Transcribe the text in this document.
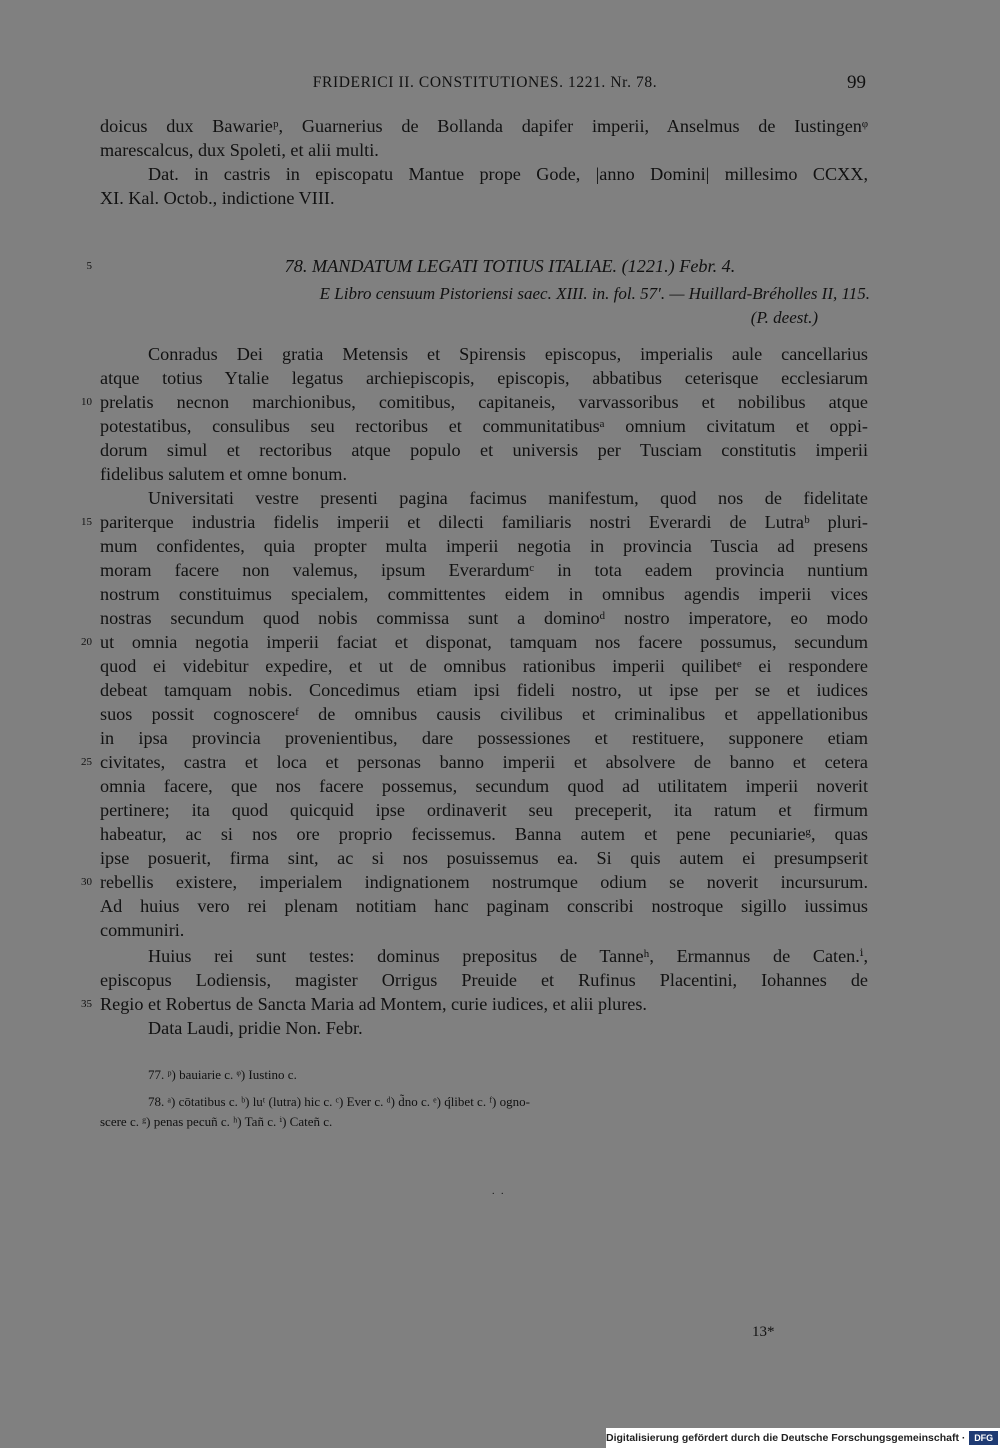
FRIDERICI II. CONSTITUTIONES. 1221. Nr. 78.	99
doicus dux Bawarieᵖ, Guarnerius de Bollanda dapifer imperii, Anselmus de Iustingenᵠ
marescalcus, dux Spoleti, et alii multi.
Dat. in castris in episcopatu Mantue prope Gode, |anno Domini| millesimo CCXX,
XI. Kal. Octob., indictione VIII.
5	78. MANDATUM LEGATI TOTIUS ITALIAE. (1221.) Febr. 4.
E Libro censuum Pistoriensi saec. XIII. in. fol. 57′. — Huillard-Bréholles II, 115.
(P. deest.)
Conradus Dei gratia Metensis et Spirensis episcopus, imperialis aule cancellarius
atque totius Ytalie legatus archiepiscopis, episcopis, abbatibus ceterisque ecclesiarum
10 prelatis necnon marchionibus, comitibus, capitaneis, varvassoribus et nobilibus atque
potestatibus, consulibus seu rectoribus et communitatibusᵃ omnium civitatum et oppi-
dorum simul et rectoribus atque populo et universis per Tusciam constitutis imperii
fidelibus salutem et omne bonum.
Universitati vestre presenti pagina facimus manifestum, quod nos de fidelitate
15 pariterque industria fidelis imperii et dilecti familiaris nostri Everardi de Lutraᵇ pluri-
mum confidentes, quia propter multa imperii negotia in provincia Tuscia ad presens
moram facere non valemus, ipsum Everardumᶜ in tota eadem provincia nuntium
nostrum constituimus specialem, committentes eidem in omnibus agendis imperii vices
nostras secundum quod nobis commissa sunt a dominoᵈ nostro imperatore, eo modo
20 ut omnia negotia imperii faciat et disponat, tamquam nos facere possumus, secundum
quod ei videbitur expedire, et ut de omnibus rationibus imperii quilibetᵉ ei respondere
debeat tamquam nobis. Concedimus etiam ipsi fideli nostro, ut ipse per se et iudices
suos possit cognoscereᶠ de omnibus causis civilibus et criminalibus et appellationibus
in ipsa provincia provenientibus, dare possessiones et restituere, supponere etiam
25 civitates, castra et loca et personas banno imperii et absolvere de banno et cetera
omnia facere, que nos facere possemus, secundum quod ad utilitatem imperii noverit
pertinere; ita quod quicquid ipse ordinaverit seu preceperit, ita ratum et firmum
habeatur, ac si nos ore proprio fecissemus. Banna autem et pene pecuniarieᵍ, quas
ipse posuerit, firma sint, ac si nos posuissemus ea. Si quis autem ei presumpserit
30 rebellis existere, imperialem indignationem nostrumque odium se noverit incursurum.
Ad huius vero rei plenam notitiam hanc paginam conscribi nostroque sigillo iussimus
communiri.
Huius rei sunt testes: dominus prepositus de Tanneʰ, Ermannus de Caten.ⁱ,
episcopus Lodiensis, magister Orrigus Preuide et Rufinus Placentini, Iohannes de
35 Regio et Robertus de Sancta Maria ad Montem, curie iudices, et alii plures.
Data Laudi, pridie Non. Febr.
77. ᵖ) bauiarie c. ᵠ) Iustino c.
78. ᵃ) cōtatibus c. ᵇ) luᵗ (lutra) hic c. ᶜ) Ever c. ᵈ) d̃no c. ᵉ) q́libet c. ᶠ) ogno-
scere c. ᵍ) penas pecuñ c. ʰ) Tañ c. ⁱ) Cateñ c.
. .
13*
Digitalisierung gefördert durch die Deutsche Forschungsgemeinschaft · DFG
